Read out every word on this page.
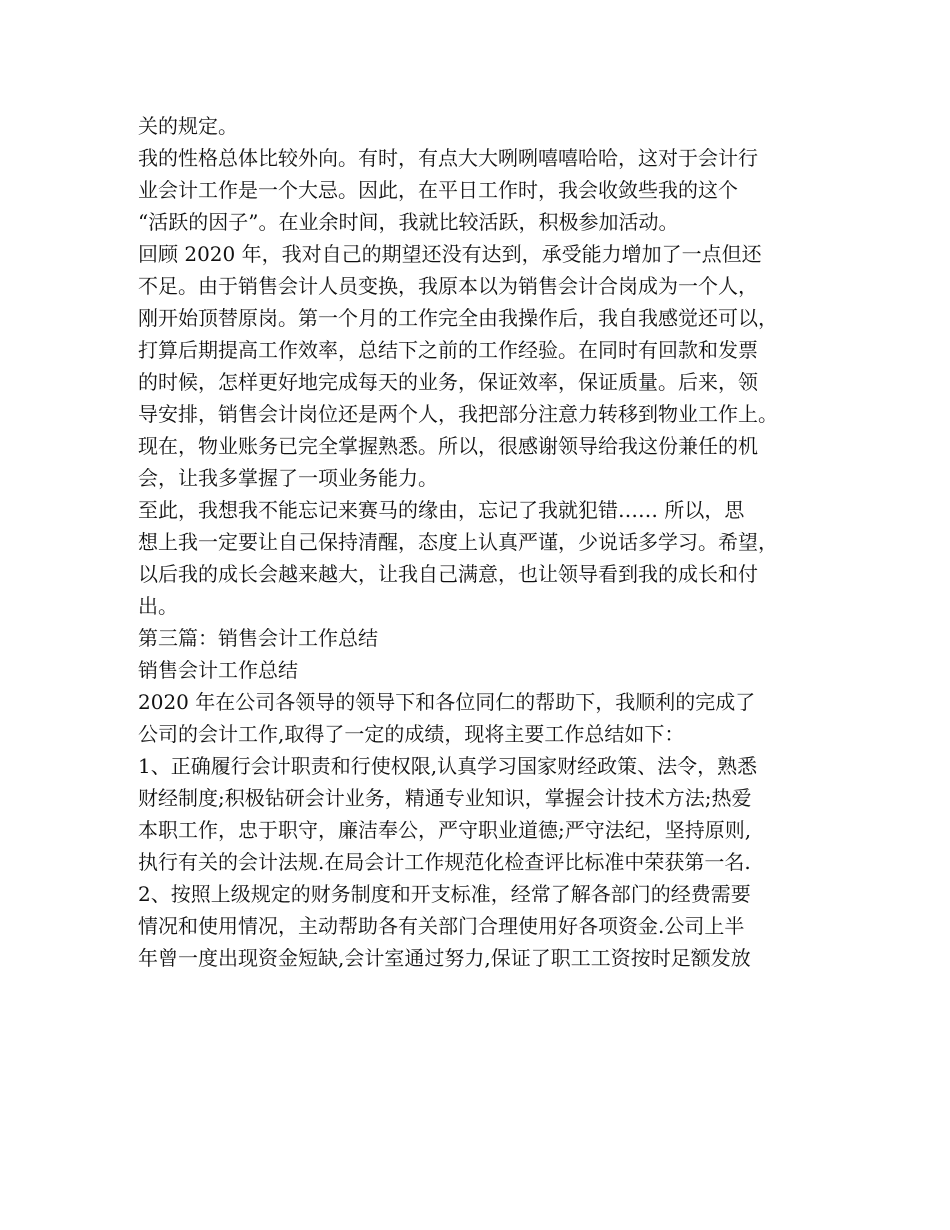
关的规定。
我的性格总体比较外向。有时，有点大大咧咧嘻嘻哈哈，这对于会计行
业会计工作是一个大忌。因此，在平日工作时，我会收敛些我的这个
“活跃的因子”。在业余时间，我就比较活跃，积极参加活动。
回顾 2020 年，我对自己的期望还没有达到，承受能力增加了一点但还
不足。由于销售会计人员变换，我原本以为销售会计合岗成为一个人，
刚开始顶替原岗。第一个月的工作完全由我操作后，我自我感觉还可以，
打算后期提高工作效率，总结下之前的工作经验。在同时有回款和发票
的时候，怎样更好地完成每天的业务，保证效率，保证质量。后来，领
导安排，销售会计岗位还是两个人，我把部分注意力转移到物业工作上。
现在，物业账务已完全掌握熟悉。所以，很感谢领导给我这份兼任的机
会，让我多掌握了一项业务能力。
至此，我想我不能忘记来赛马的缘由，忘记了我就犯错…… 所以，思
想上我一定要让自己保持清醒，态度上认真严谨，少说话多学习。希望，
以后我的成长会越来越大，让我自己满意，也让领导看到我的成长和付
出。
第三篇：销售会计工作总结
销售会计工作总结
2020 年在公司各领导的领导下和各位同仁的帮助下，我顺利的完成了
公司的会计工作,取得了一定的成绩，现将主要工作总结如下：
1、正确履行会计职责和行使权限,认真学习国家财经政策、法令，熟悉
财经制度;积极钻研会计业务，精通专业知识，掌握会计技术方法;热爱
本职工作，忠于职守，廉洁奉公，严守职业道德;严守法纪，坚持原则,
执行有关的会计法规.在局会计工作规范化检查评比标准中荣获第一名.
2、按照上级规定的财务制度和开支标准，经常了解各部门的经费需要
情况和使用情况，主动帮助各有关部门合理使用好各项资金.公司上半
年曾一度出现资金短缺,会计室通过努力,保证了职工工资按时足额发放
